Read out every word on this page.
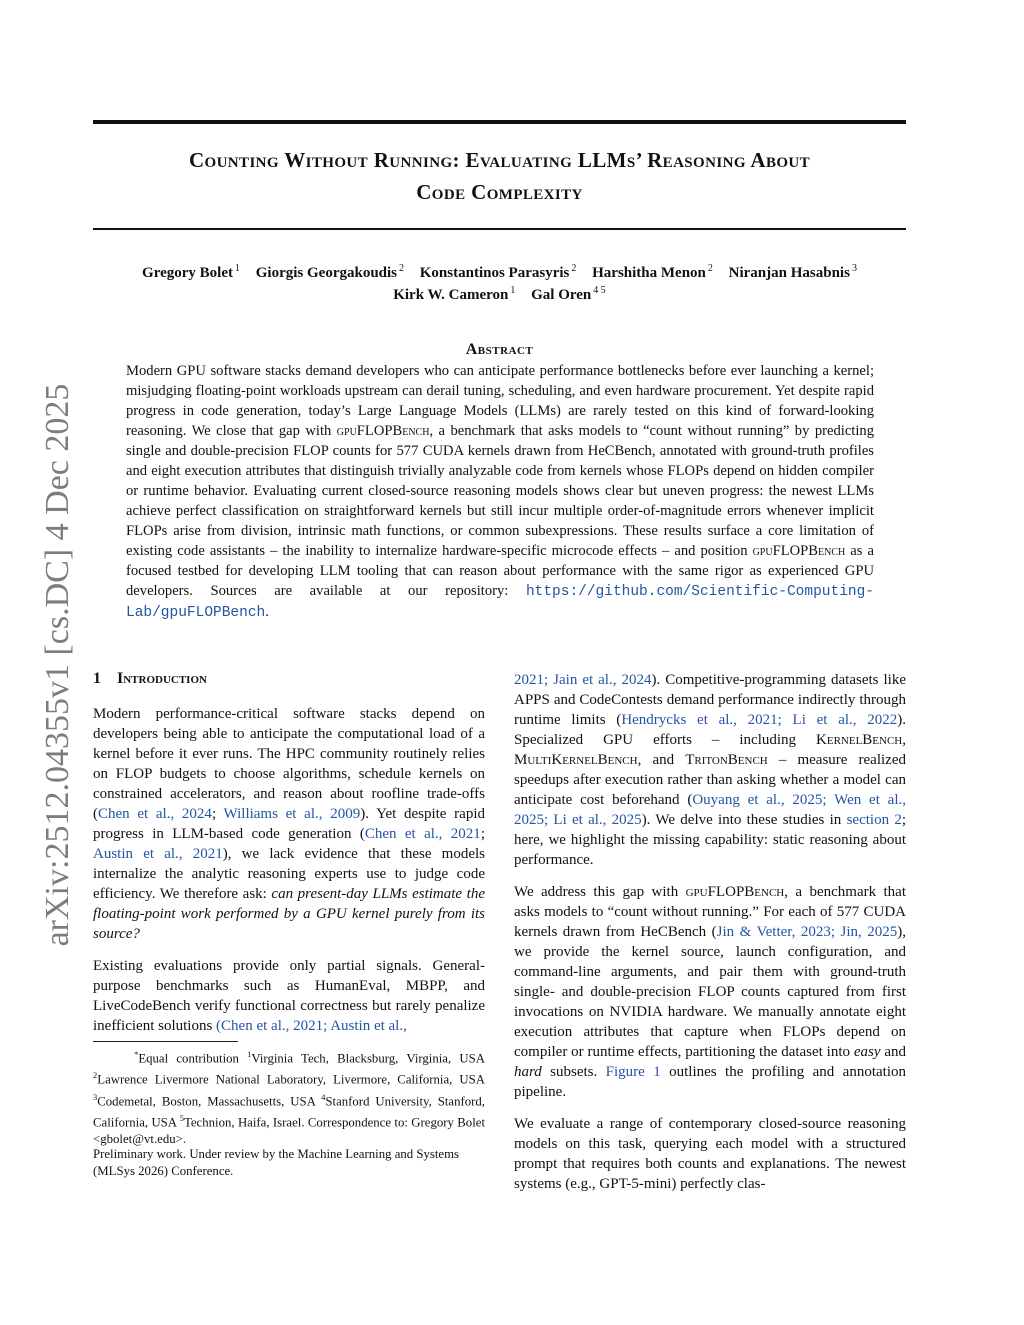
arXiv:2512.04355v1 [cs.DC] 4 Dec 2025
Counting Without Running: Evaluating LLMs’ Reasoning About
Code Complexity
Gregory Bolet $^1$ Giorgis Georgakoudis $^2$ Konstantinos Parasyris $^2$ Harshitha Menon $^2$ Niranjan Hasabnis $^3$
Kirk W. Cameron $^1$ Gal Oren $^{4 5}$
Abstract
Modern GPU software stacks demand developers who can anticipate performance bottlenecks before ever launching a kernel; misjudging floating-point workloads upstream can derail tuning, scheduling, and even hardware procurement. Yet despite rapid progress in code generation, today’s Large Language Models (LLMs) are rarely tested on this kind of forward-looking reasoning. We close that gap with gpuFLOPBench, a benchmark that asks models to “count without running” by predicting single and double-precision FLOP counts for 577 CUDA kernels drawn from HeCBench, annotated with ground-truth profiles and eight execution attributes that distinguish trivially analyzable code from kernels whose FLOPs depend on hidden compiler or runtime behavior. Evaluating current closed-source reasoning models shows clear but uneven progress: the newest LLMs achieve perfect classification on straightforward kernels but still incur multiple order-of-magnitude errors whenever implicit FLOPs arise from division, intrinsic math functions, or common subexpressions. These results surface a core limitation of existing code assistants – the inability to internalize hardware-specific microcode effects – and position gpuFLOPBench as a focused testbed for developing LLM tooling that can reason about performance with the same rigor as experienced GPU developers. Sources are available at our repository: https://github.com/Scientific-Computing-Lab/gpuFLOPBench.
1 Introduction

Modern performance-critical software stacks depend on developers being able to anticipate the computational load of a kernel before it ever runs. The HPC community routinely relies on FLOP budgets to choose algorithms, schedule kernels on constrained accelerators, and reason about roofline trade-offs (Chen et al., 2024; Williams et al., 2009). Yet despite rapid progress in LLM-based code generation (Chen et al., 2021; Austin et al., 2021), we lack evidence that these models internalize the analytic reasoning experts use to judge code efficiency. We therefore ask: can present-day LLMs estimate the floating-point work performed by a GPU kernel purely from its source?

Existing evaluations provide only partial signals. General-purpose benchmarks such as HumanEval, MBPP, and LiveCodeBench verify functional correctness but rarely penalize inefficient solutions (Chen et al., 2021; Austin et al.,

*Equal contribution $^1$Virginia Tech, Blacksburg, Virginia, USA $^2$Lawrence Livermore National Laboratory, Livermore, California, USA $^3$Codemetal, Boston, Massachusetts, USA $^4$Stanford University, Stanford, California, USA $^5$Technion, Haifa, Israel. Correspondence to: Gregory Bolet <gbolet@vt.edu>.
Preliminary work. Under review by the Machine Learning and Systems (MLSys 2026) Conference.

2021; Jain et al., 2024). Competitive-programming datasets like APPS and CodeContests demand performance indirectly through runtime limits (Hendrycks et al., 2021; Li et al., 2022). Specialized GPU efforts – including KernelBench, MultiKernelBench, and TritonBench – measure realized speedups after execution rather than asking whether a model can anticipate cost beforehand (Ouyang et al., 2025; Wen et al., 2025; Li et al., 2025). We delve into these studies in section 2; here, we highlight the missing capability: static reasoning about performance.

We address this gap with gpuFLOPBench, a benchmark that asks models to “count without running.” For each of 577 CUDA kernels drawn from HeCBench (Jin & Vetter, 2023; Jin, 2025), we provide the kernel source, launch configuration, and command-line arguments, and pair them with ground-truth single- and double-precision FLOP counts captured from first invocations on NVIDIA hardware. We manually annotate eight execution attributes that capture when FLOPs depend on compiler or runtime effects, partitioning the dataset into easy and hard subsets. Figure 1 outlines the profiling and annotation pipeline.

We evaluate a range of contemporary closed-source reasoning models on this task, querying each model with a structured prompt that requires both counts and explanations. The newest systems (e.g., GPT-5-mini) perfectly clas-
